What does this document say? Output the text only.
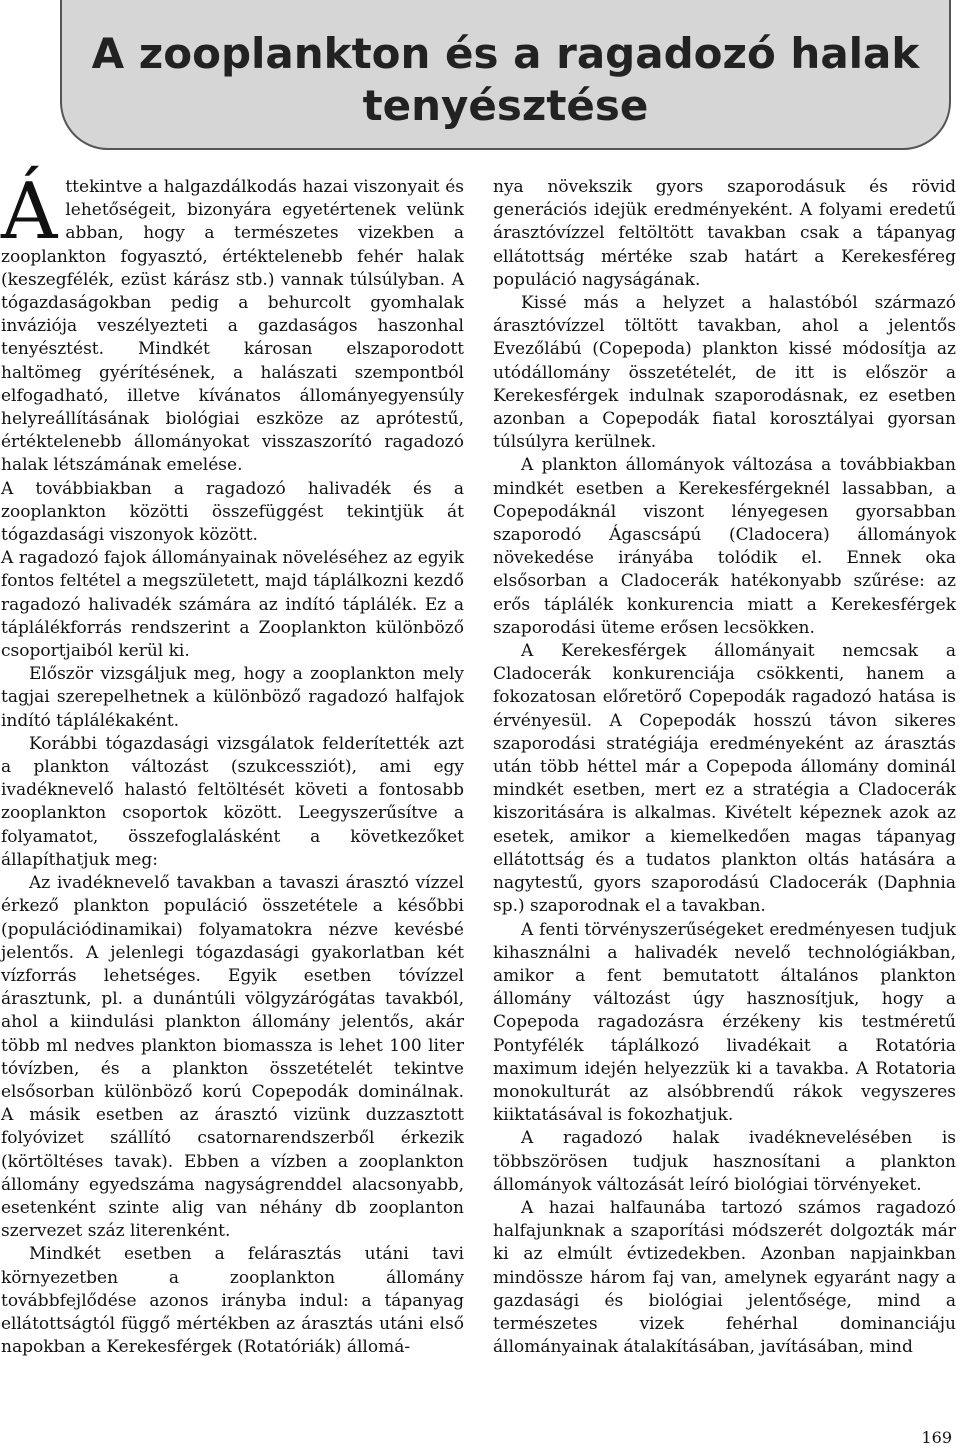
A zooplankton és a ragadozó halak tenyésztése

Áttekintve a halgazdálkodás hazai viszonyait és lehetőségeit, bizonyára egyetértenek velünk abban, hogy a természetes vizekben a zooplankton fogyasztó, értéktelenebb fehér halak (keszegfélék, ezüst kárász stb.) vannak túlsúlyban. A tógazdaságokban pedig a behurcolt gyomhalak inváziója veszélyezteti a gazdaságos haszonhal tenyésztést. Mindkét károsan elszaporodott haltömeg gyérítésének, a halászati szempontból elfogadható, illetve kívánatos állományegyensúly helyreállításának biológiai eszköze az aprótestű, értéktelenebb állományokat visszaszorító ragadozó halak létszámának emelése.

A továbbiakban a ragadozó halivadék és a zooplankton közötti összefüggést tekintjük át tógazdasági viszonyok között.

A ragadozó fajok állományainak növeléséhez az egyik fontos feltétel a megszületett, majd táplálkozni kezdő ragadozó halivadék számára az indító táplálék. Ez a táplálékforrás rendszerint a Zooplankton különböző csoportjaiból kerül ki.

Először vizsgáljuk meg, hogy a zooplankton mely tagjai szerepelhetnek a különböző ragadozó halfajok indító táplálékaként.

Korábbi tógazdasági vizsgálatok felderítették azt a plankton változást (szukcessziót), ami egy ivadéknevelő halastó feltöltését követi a fontosabb zooplankton csoportok között. Leegyszerűsítve a folyamatot, összefoglalásként a következőket állapíthatjuk meg:

Az ivadéknevelő tavakban a tavaszi árasztó vízzel érkező plankton populáció összetétele a későbbi (populációdinamikai) folyamatokra nézve kevésbé jelentős. A jelenlegi tógazdasági gyakorlatban két vízforrás lehetséges. Egyik esetben tóvízzel árasztunk, pl. a dunántúli völgyzárógátas tavakból, ahol a kiindulási plankton állomány jelentős, akár több ml nedves plankton biomassza is lehet 100 liter tóvízben, és a plankton összetételét tekintve elsősorban különböző korú Copepodák dominálnak. A másik esetben az árasztó vizünk duzzasztott folyóvizet szállító csatornarendszerből érkezik (körtöltéses tavak). Ebben a vízben a zooplankton állomány egyedszáma nagyságrenddel alacsonyabb, esetenként szinte alig van néhány db zooplanton szervezet száz literenként.

Mindkét esetben a felárasztás utáni tavi környezetben a zooplankton állomány továbbfejlődése azonos irányba indul: a tápanyag ellátottságtól függő mértékben az árasztás utáni első napokban a Kerekesférgek (Rotatóriák) állomá-

nya növekszik gyors szaporodásuk és rövid generációs idejük eredményeként. A folyami eredetű árasztóvízzel feltöltött tavakban csak a tápanyag ellátottság mértéke szab határt a Kerekesféreg populáció nagyságának.

Kissé más a helyzet a halastóból származó árasztóvízzel töltött tavakban, ahol a jelentős Evezőlábú (Copepoda) plankton kissé módosítja az utódállomány összetételét, de itt is először a Kerekesférgek indulnak szaporodásnak, ez esetben azonban a Copepodák fiatal korosztályai gyorsan túlsúlyra kerülnek.

A plankton állományok változása a továbbiakban mindkét esetben a Kerekesférgeknél lassabban, a Copepodáknál viszont lényegesen gyorsabban szaporodó Ágascsápú (Cladocera) állományok növekedése irányába tolódik el. Ennek oka elsősorban a Cladocerák hatékonyabb szűrése: az erős táplálék konkurencia miatt a Kerekesférgek szaporodási üteme erősen lecsökken.

A Kerekesférgek állományait nemcsak a Cladocerák konkurenciája csökkenti, hanem a fokozatosan előretörő Copepodák ragadozó hatása is érvényesül. A Copepodák hosszú távon sikeres szaporodási stratégiája eredményeként az árasztás után több héttel már a Copepoda állomány dominál mindkét esetben, mert ez a stratégia a Cladocerák kiszoritására is alkalmas. Kivételt képeznek azok az esetek, amikor a kiemelkedően magas tápanyag ellátottság és a tudatos plankton oltás hatására a nagytestű, gyors szaporodású Cladocerák (Daphnia sp.) szaporodnak el a tavakban.

A fenti törvényszerűségeket eredményesen tudjuk kihasználni a halivadék nevelő technológiákban, amikor a fent bemutatott általános plankton állomány változást úgy hasznosítjuk, hogy a Copepoda ragadozásra érzékeny kis testméretű Pontyfélék táplálkozó livadékait a Rotatória maximum idején helyezzük ki a tavakba. A Rotatoria monokulturát az alsóbbrendű rákok vegyszeres kiiktatásával is fokozhatjuk.

A ragadozó halak ivadéknevelésében is többszörösen tudjuk hasznosítani a plankton állományok változását leíró biológiai törvényeket.

A hazai halfaunába tartozó számos ragadozó halfajunknak a szaporítási módszerét dolgozták már ki az elmúlt évtizedekben. Azonban napjainkban mindössze három faj van, amelynek egyaránt nagy a gazdasági és biológiai jelentősége, mind a természetes vizek fehérhal dominanciáju állományainak átalakításában, javításában, mind

169
